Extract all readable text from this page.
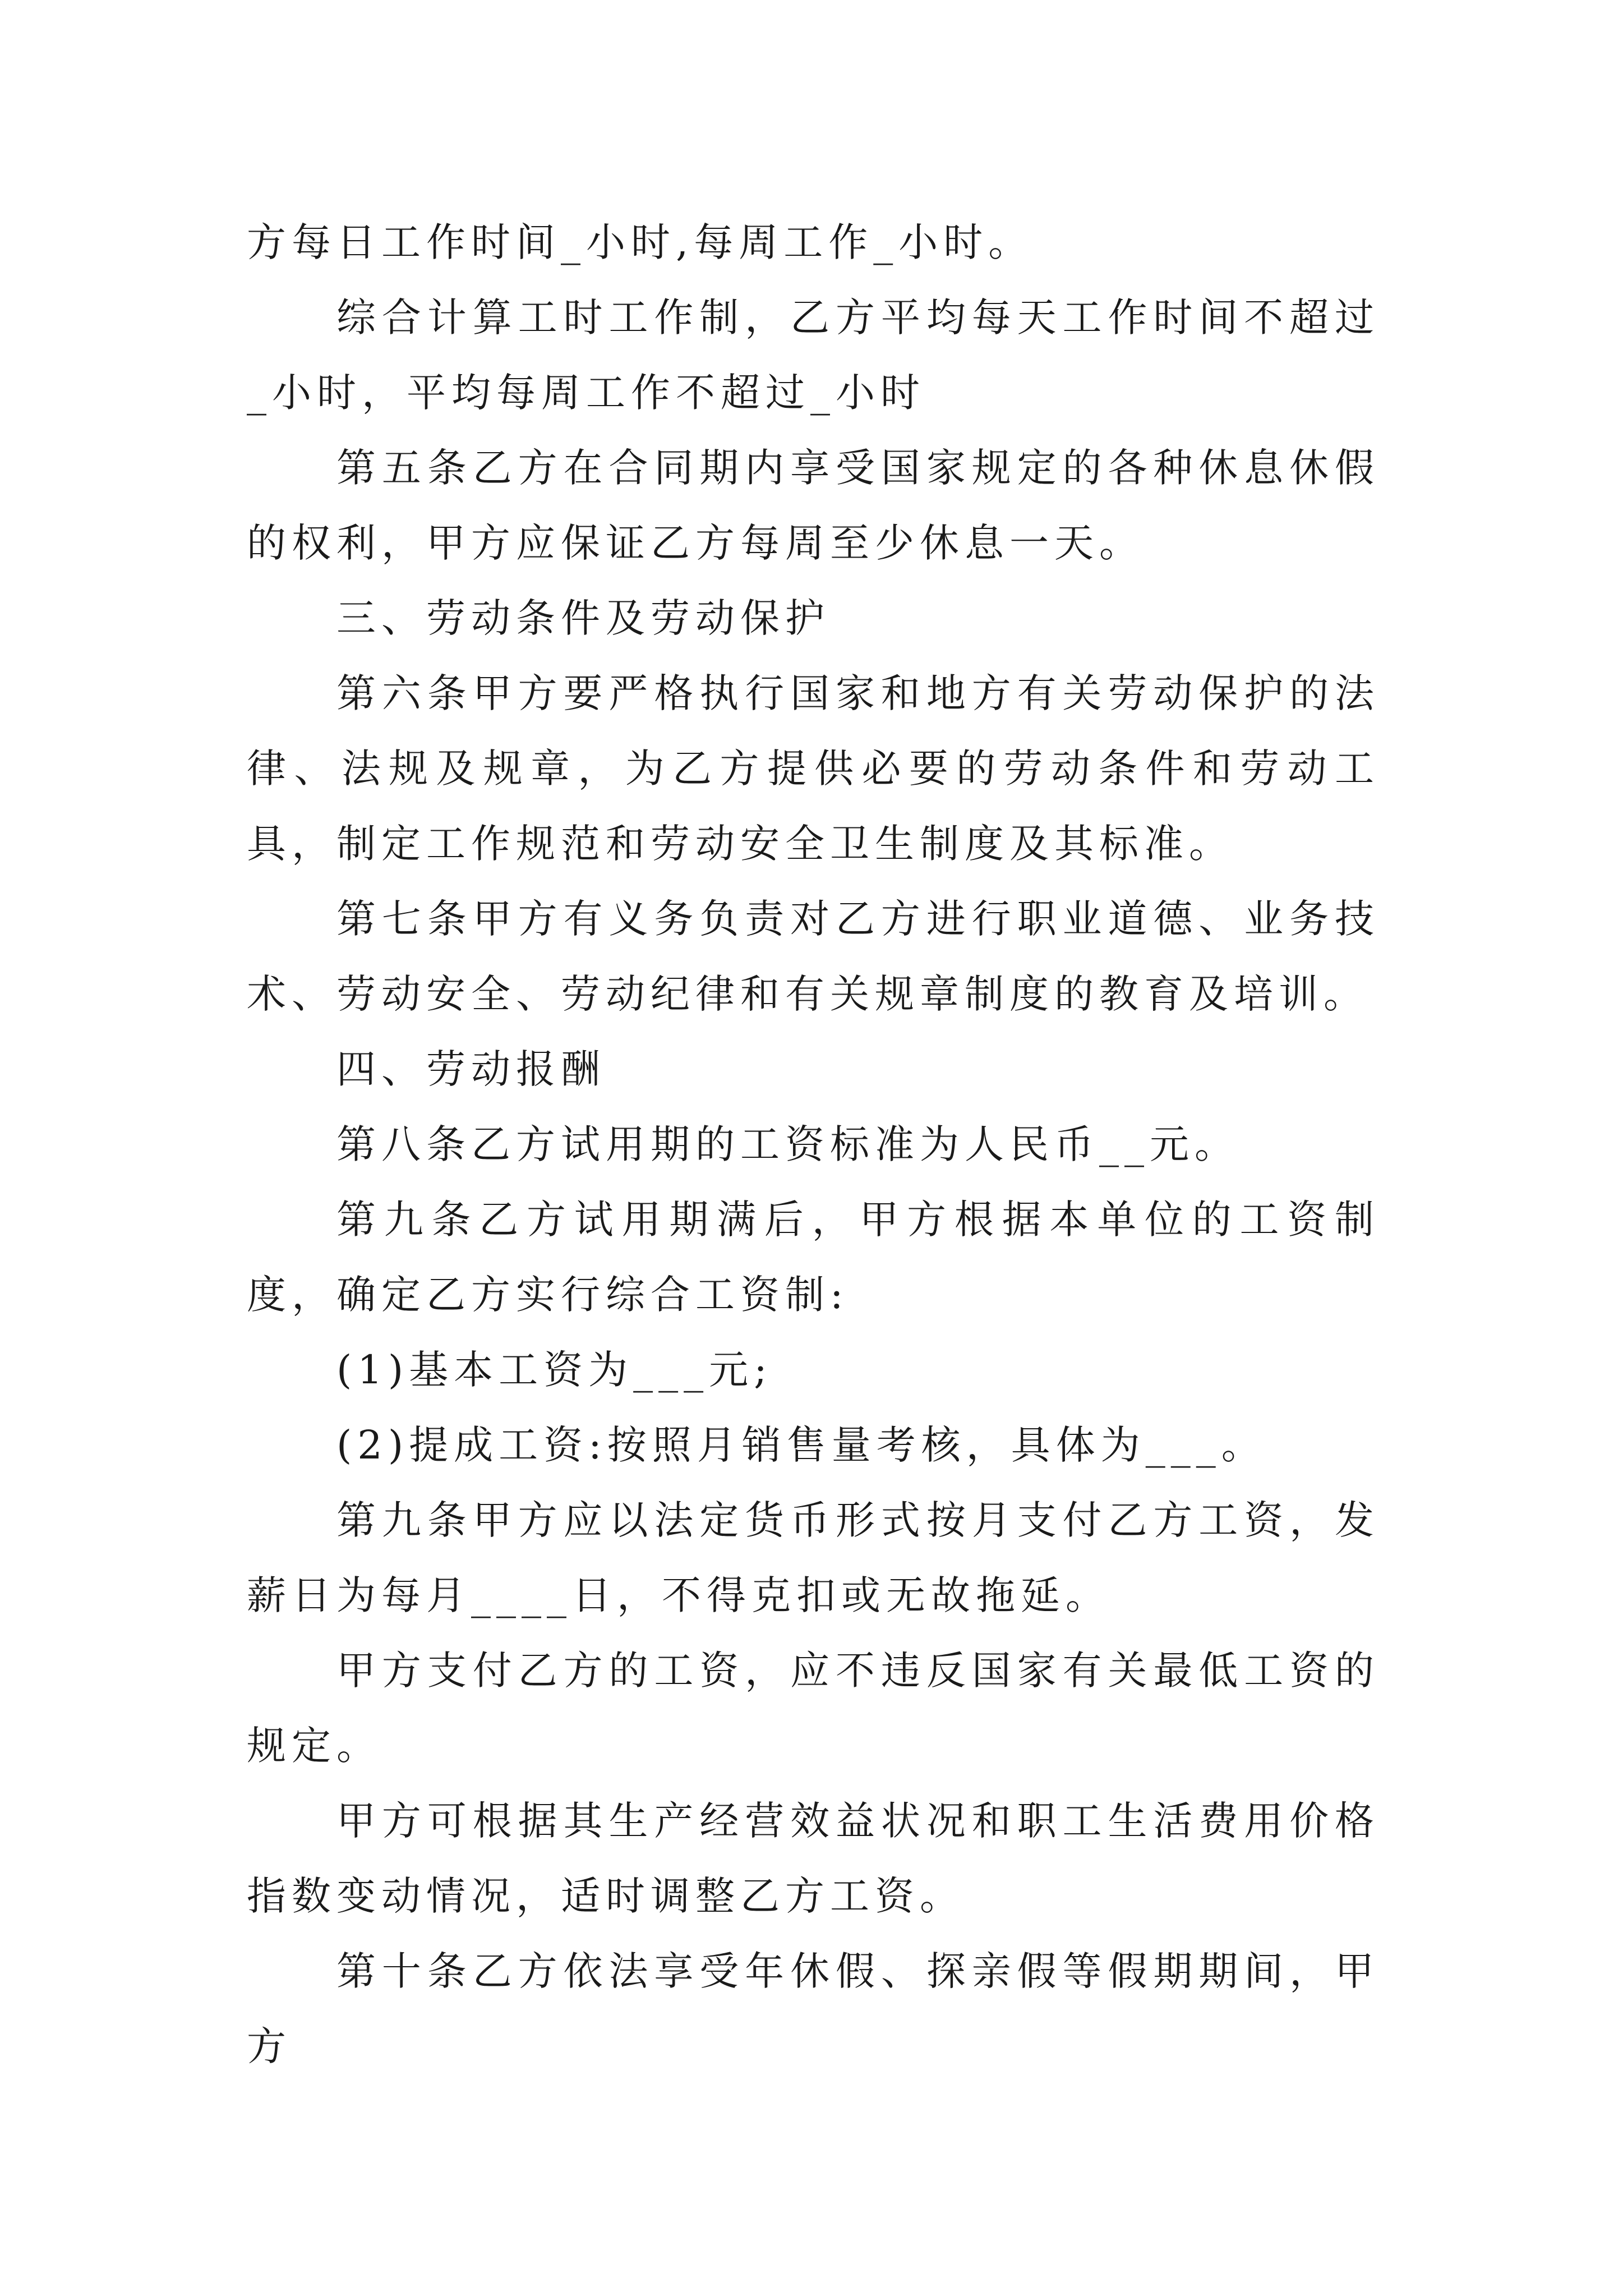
方每日工作时间_小时,每周工作_小时。

综合计算工时工作制，乙方平均每天工作时间不超过_小时，平均每周工作不超过_小时

第五条乙方在合同期内享受国家规定的各种休息休假的权利，甲方应保证乙方每周至少休息一天。

三、劳动条件及劳动保护

第六条甲方要严格执行国家和地方有关劳动保护的法律、法规及规章，为乙方提供必要的劳动条件和劳动工具，制定工作规范和劳动安全卫生制度及其标准。

第七条甲方有义务负责对乙方进行职业道德、业务技术、劳动安全、劳动纪律和有关规章制度的教育及培训。

四、劳动报酬

第八条乙方试用期的工资标准为人民币__元。

第九条乙方试用期满后，甲方根据本单位的工资制度，确定乙方实行综合工资制:

(1)基本工资为___元;

(2)提成工资:按照月销售量考核，具体为___。

第九条甲方应以法定货币形式按月支付乙方工资，发薪日为每月____日，不得克扣或无故拖延。

甲方支付乙方的工资，应不违反国家有关最低工资的规定。

甲方可根据其生产经营效益状况和职工生活费用价格指数变动情况，适时调整乙方工资。

第十条乙方依法享受年休假、探亲假等假期期间，甲方
